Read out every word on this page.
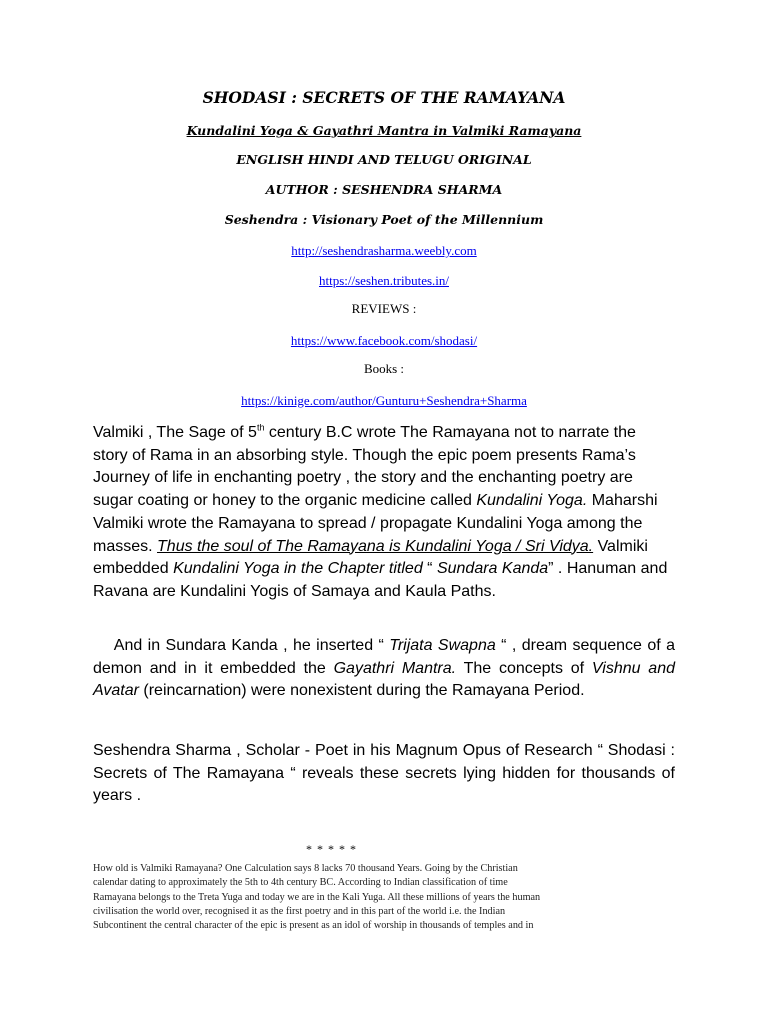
SHODASI : SECRETS OF THE RAMAYANA
Kundalini Yoga & Gayathri Mantra in Valmiki Ramayana
ENGLISH HINDI AND TELUGU ORIGINAL
AUTHOR : SESHENDRA SHARMA
Seshendra : Visionary Poet of the Millennium
http://seshendrasharma.weebly.com
https://seshen.tributes.in/
REVIEWS :
https://www.facebook.com/shodasi/
Books :
https://kinige.com/author/Gunturu+Seshendra+Sharma
Valmiki , The Sage of 5th century B.C wrote The Ramayana not to narrate the story of Rama in an absorbing style. Though the epic poem presents Rama’s Journey of life in enchanting poetry , the story and the enchanting poetry are sugar coating or honey to the organic medicine called Kundalini Yoga. Maharshi Valmiki wrote the Ramayana to spread / propagate Kundalini Yoga among the masses. Thus the soul of The Ramayana is Kundalini Yoga / Sri Vidya. Valmiki embedded Kundalini Yoga in the Chapter titled “ Sundara Kanda” . Hanuman and Ravana are Kundalini Yogis of Samaya and Kaula Paths.
And in Sundara Kanda , he inserted “ Trijata Swapna “ , dream sequence of a demon and in it embedded the Gayathri Mantra. The concepts of Vishnu and Avatar (reincarnation) were nonexistent during the Ramayana Period.
Seshendra Sharma , Scholar - Poet in his Magnum Opus of Research “ Shodasi : Secrets of The Ramayana “ reveals these secrets lying hidden for thousands of years .
* * * * *
How old is Valmiki Ramayana? One Calculation says 8 lacks 70 thousand Years. Going by the Christian
calendar dating to approximately the 5th to 4th century BC. According to Indian classification of time
Ramayana belongs to the Treta Yuga and today we are in the Kali Yuga. All these millions of years the human
civilisation the world over, recognised it as the first poetry and in this part of the world i.e. the Indian
Subcontinent the central character of the epic is present as an idol of worship in thousands of temples and in
